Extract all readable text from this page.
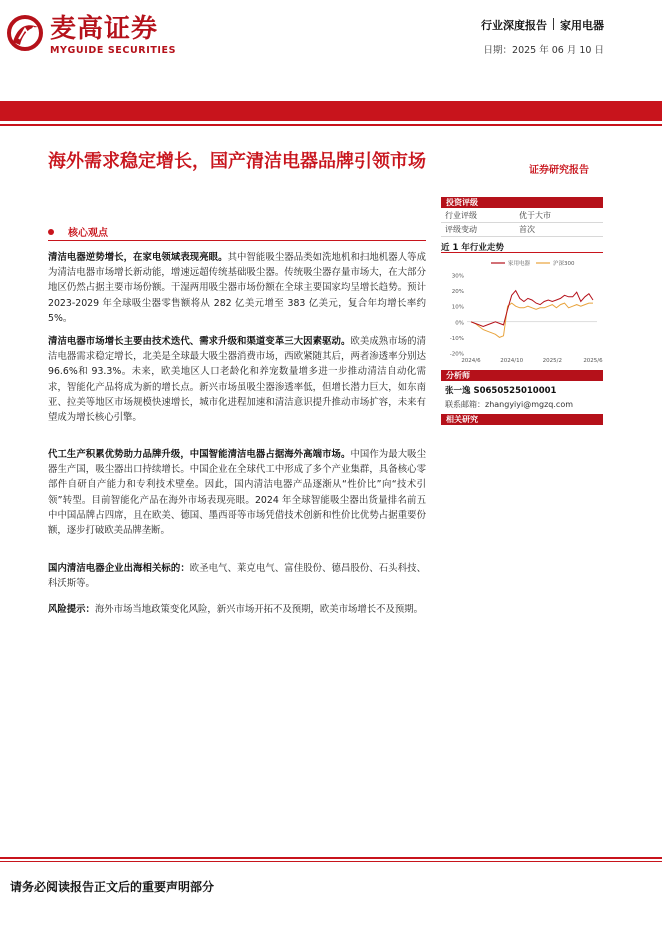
麦高证券
MYGUIDE SECURITIES
行业深度报告 家用电器
日期：2025 年 06 月 10 日
海外需求稳定增长，国产清洁电器品牌引领市场	证券研究报告
核心观点
清洁电器逆势增长，在家电领域表现亮眼。其中智能吸尘器品类如洗地机和扫地机器人等成为清洁电器市场增长新动能，增速远超传统基础吸尘器。传统吸尘器存量市场大，在大部分地区仍然占据主要市场份额。干湿两用吸尘器市场份额在全球主要国家均呈增长趋势。预计 2023-2029 年全球吸尘器零售额将从 282 亿美元增至 383 亿美元，复合年均增长率约 5%。
清洁电器市场增长主要由技术迭代、需求升级和渠道变革三大因素驱动。欧美成熟市场的清洁电器需求稳定增长，北美是全球最大吸尘器消费市场，西欧紧随其后，两者渗透率分别达 96.6%和 93.3%。未来，欧美地区人口老龄化和养宠数量增多进一步推动清洁自动化需求，智能化产品将成为新的增长点。新兴市场虽吸尘器渗透率低，但增长潜力巨大，如东南亚、拉美等地区市场规模快速增长，城市化进程加速和清洁意识提升推动市场扩容，未来有望成为增长核心引擎。
代工生产积累优势助力品牌升级，中国智能清洁电器占据海外高端市场。中国作为最大吸尘器生产国，吸尘器出口持续增长。中国企业在全球代工中形成了多个产业集群，具备核心零部件自研自产能力和专利技术壁垒。因此，国内清洁电器产品逐渐从“性价比”向“技术引领”转型。目前智能化产品在海外市场表现亮眼。2024 年全球智能吸尘器出货量排名前五中中国品牌占四席，且在欧美、德国、墨西哥等市场凭借技术创新和性价比优势占据重要份额，逐步打破欧美品牌垄断。
国内清洁电器企业出海相关标的：欧圣电气、莱克电气、富佳股份、德昌股份、石头科技、科沃斯等。
风险提示：海外市场当地政策变化风险，新兴市场开拓不及预期，欧美市场增长不及预期。
投资评级
行业评级	优于大市
评级变动	首次
近 1 年行业走势
30%
20%
10%
0%
-10%
-20%
2024/6	2024/10	2025/2	2025/6
家用电器	沪深300
分析师
张一逸 S0650525010001
联系邮箱：zhangyiyi@mgzq.com
相关研究
请务必阅读报告正文后的重要声明部分
